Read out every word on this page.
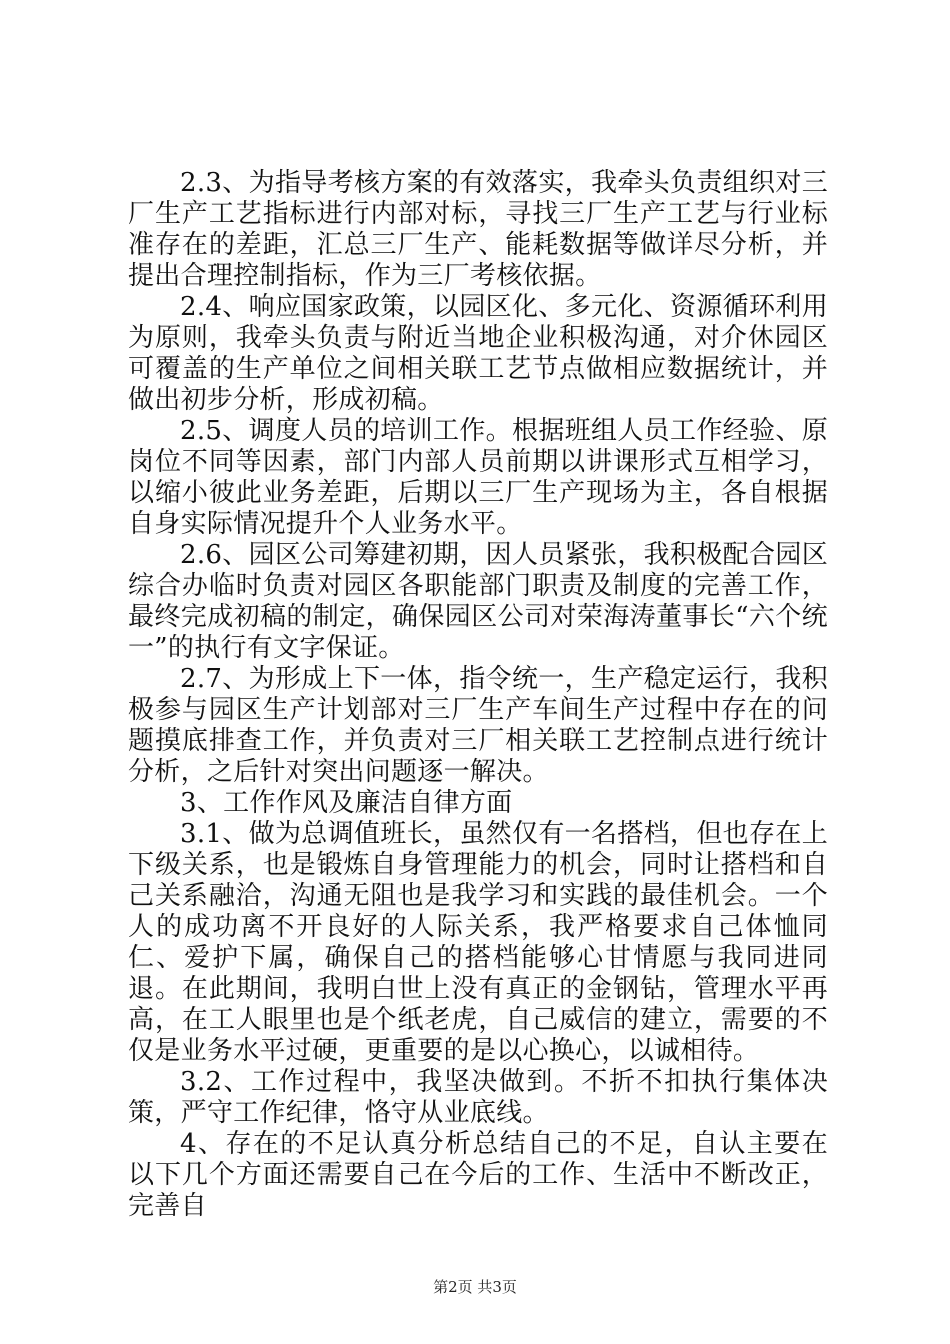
2.3、为指导考核方案的有效落实，我牵头负责组织对三厂生产工艺指标进行内部对标，寻找三厂生产工艺与行业标准存在的差距，汇总三厂生产、能耗数据等做详尽分析，并提出合理控制指标，作为三厂考核依据。

2.4、响应国家政策，以园区化、多元化、资源循环利用为原则，我牵头负责与附近当地企业积极沟通，对介休园区可覆盖的生产单位之间相关联工艺节点做相应数据统计，并做出初步分析，形成初稿。

2.5、调度人员的培训工作。根据班组人员工作经验、原岗位不同等因素，部门内部人员前期以讲课形式互相学习，以缩小彼此业务差距，后期以三厂生产现场为主，各自根据自身实际情况提升个人业务水平。

2.6、园区公司筹建初期，因人员紧张，我积极配合园区综合办临时负责对园区各职能部门职责及制度的完善工作，最终完成初稿的制定，确保园区公司对荣海涛董事长“六个统一”的执行有文字保证。

2.7、为形成上下一体，指令统一，生产稳定运行，我积极参与园区生产计划部对三厂生产车间生产过程中存在的问题摸底排查工作，并负责对三厂相关联工艺控制点进行统计分析，之后针对突出问题逐一解决。

3、工作作风及廉洁自律方面

3.1、做为总调值班长，虽然仅有一名搭档，但也存在上下级关系，也是锻炼自身管理能力的机会，同时让搭档和自己关系融洽，沟通无阻也是我学习和实践的最佳机会。一个人的成功离不开良好的人际关系，我严格要求自己体恤同仁、爱护下属，确保自己的搭档能够心甘情愿与我同进同退。在此期间，我明白世上没有真正的金钢钻，管理水平再高，在工人眼里也是个纸老虎，自己威信的建立，需要的不仅是业务水平过硬，更重要的是以心换心，以诚相待。

3.2、工作过程中，我坚决做到。不折不扣执行集体决策，严守工作纪律，恪守从业底线。

4、存在的不足认真分析总结自己的不足，自认主要在以下几个方面还需要自己在今后的工作、生活中不断改正，完善自

第2页 共3页
